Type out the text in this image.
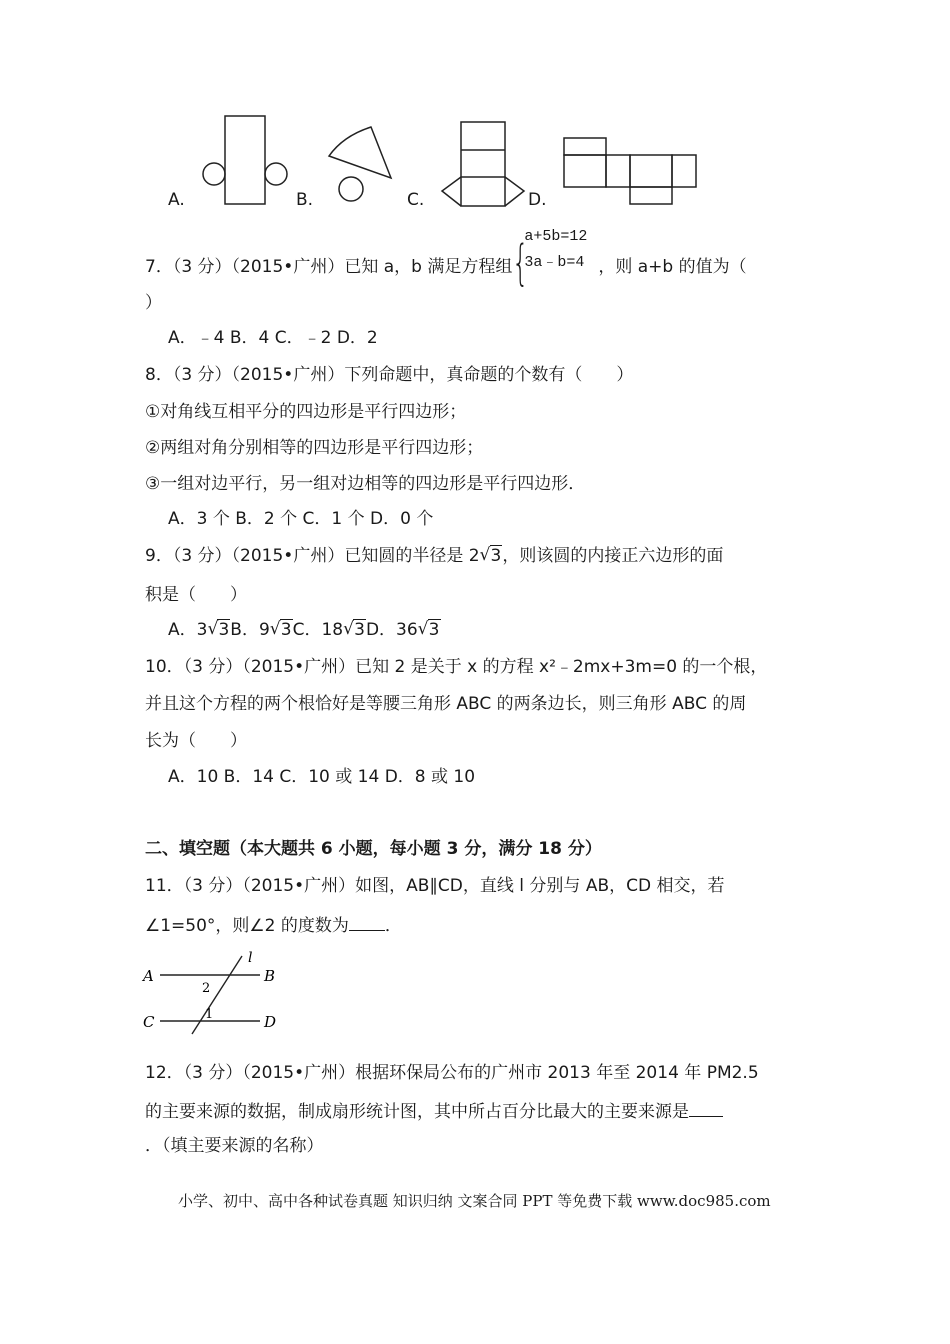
A.	B.	C.	D.
7．（3 分）（2015•广州）已知 a，b 满足方程组 {
a+5b=12
3a﹣b=4 ，则 a+b 的值为（
）
A．﹣4 B．4 C．﹣2 D．2
8．（3 分）（2015•广州）下列命题中，真命题的个数有（　　）
①对角线互相平分的四边形是平行四边形；
②两组对角分别相等的四边形是平行四边形；
③一组对边平行，另一组对边相等的四边形是平行四边形．
A．3 个 B．2 个 C．1 个 D．0 个
9．（3 分）（2015•广州）已知圆的半径是 2 √ 3，则该圆的内接正六边形的面
积是（　　）
A．3 √ 3B．9 √ 3C．18 √ 3D．36 √ 3
10．（3 分）（2015•广州）已知 2 是关于 x 的方程 x²﹣2mx+3m=0 的一个根，
并且这个方程的两个根恰好是等腰三角形 ABC 的两条边长，则三角形 ABC 的周
长为（　　）
A．10 B．14 C．10 或 14 D．8 或 10
二、填空题（本大题共 6 小题，每小题 3 分，满分 18 分）
11．（3 分）（2015•广州）如图，AB∥CD，直线 l 分别与 AB，CD 相交，若
∠1=50°，则∠2 的度数为 ．
A	B
C	D
l
2
1
12．（3 分）（2015•广州）根据环保局公布的广州市 2013 年至 2014 年 PM2.5
的主要来源的数据，制成扇形统计图，其中所占百分比最大的主要来源是
．（填主要来源的名称）
小学、初中、高中各种试卷真题 知识归纳 文案合同 PPT 等免费下载 www.doc985.com
